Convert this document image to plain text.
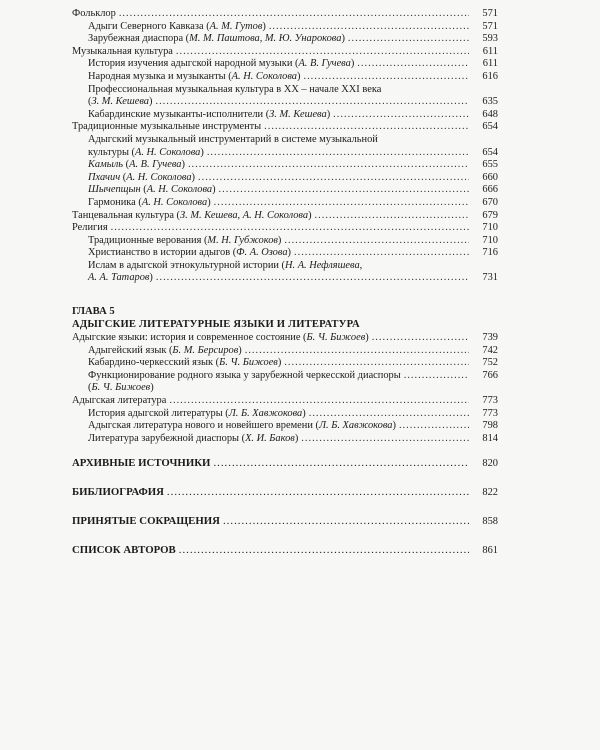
Фольклор .....	571
Адыги Северного Кавказа (А. М. Гутов) .....	571
Зарубежная диаспора (М. М. Паштова, М. Ю. Унарокова) .....	593
Музыкальная культура .....	611
История изучения адыгской народной музыки (А. В. Гучева) .....	611
Народная музыка и музыканты (А. Н. Соколова) .....	616
Профессиональная музыкальная культура в XX – начале XXI века
(З. М. Кешева) .....	635
Кабардинские музыканты-исполнители (З. М. Кешева) .....	648
Традиционные музыкальные инструменты .....	654
Адыгский музыкальный инструментарий в системе музыкальной
культуры (А. Н. Соколова) .....	654
Камыль (А. В. Гучева) .....	655
Пхачич (А. Н. Соколова) .....	660
Шычепщын (А. Н. Соколова) .....	666
Гармоника (А. Н. Соколова) .....	670
Танцевальная культура (З. М. Кешева, А. Н. Соколова) .....	679
Религия .....	710
Традиционные верования (М. Н. Губжоков) .....	710
Христианство в истории адыгов (Ф. А. Озова) .....	716
Ислам в адыгской этнокультурной истории (Н. А. Нефляшева,
А. А. Татаров) .....	731
ГЛАВА 5
АДЫГСКИЕ ЛИТЕРАТУРНЫЕ ЯЗЫКИ И ЛИТЕРАТУРА
Адыгские языки: история и современное состояние (Б. Ч. Бижоев) .....	739
Адыгейский язык (Б. М. Берсиров) .....	742
Кабардино-черкесский язык (Б. Ч. Бижоев) .....	752
Функционирование родного языка у зарубежной черкесской диаспоры .....	766
(Б. Ч. Бижоев)
Адыгская литература .....	773
История адыгской литературы (Л. Б. Хавжокова) .....	773
Адыгская литература нового и новейшего времени (Л. Б. Хавжокова) .....	798
Литература зарубежной диаспоры (Х. И. Баков) .....	814
АРХИВНЫЕ ИСТОЧНИКИ .....	820
БИБЛИОГРАФИЯ .....	822
ПРИНЯТЫЕ СОКРАЩЕНИЯ .....	858
СПИСОК АВТОРОВ .....	861
